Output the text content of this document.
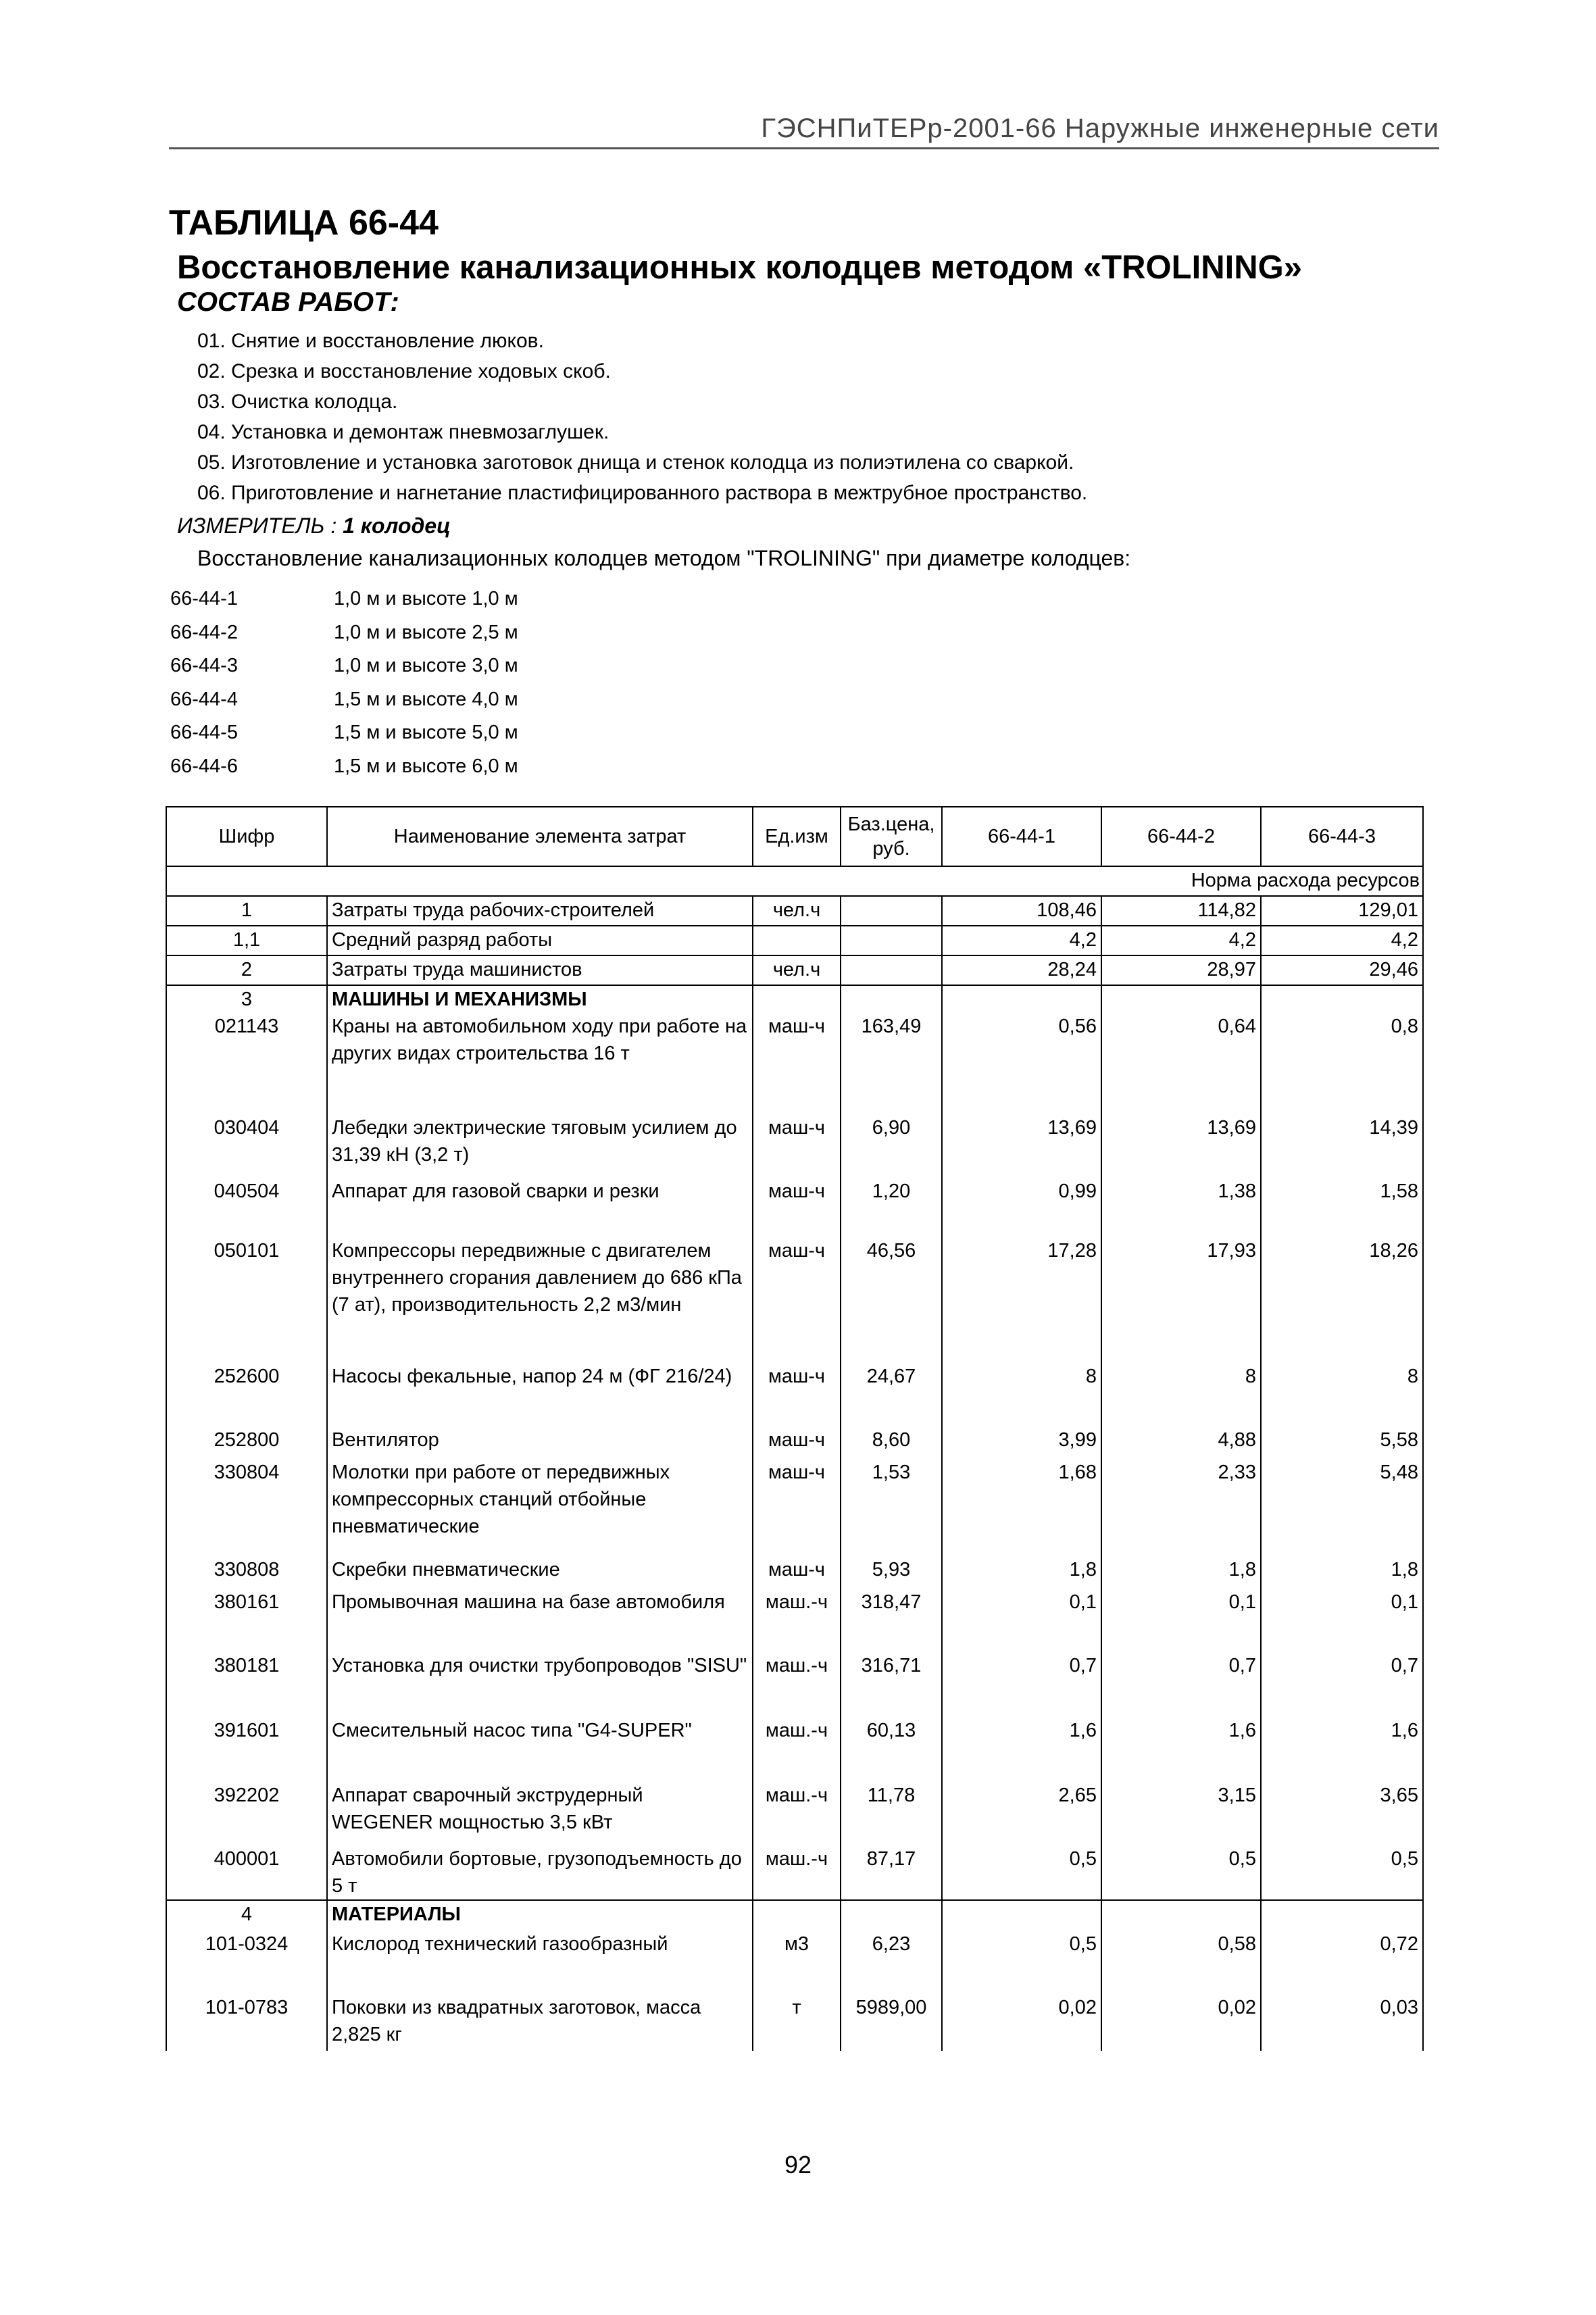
ГЭСНПиТЕРр-2001-66 Наружные инженерные сети
ТАБЛИЦА 66-44
Восстановление канализационных колодцев методом «TROLINING»
СОСТАВ РАБОТ:
01. Снятие и восстановление люков.
02. Срезка и восстановление ходовых скоб.
03. Очистка колодца.
04. Установка и демонтаж пневмозаглушек.
05. Изготовление и установка заготовок днища и стенок колодца из полиэтилена со сваркой.
06. Приготовление и нагнетание пластифицированного раствора в межтрубное пространство.
ИЗМЕРИТЕЛЬ : 1 колодец
Восстановление канализационных колодцев методом "TROLINING" при диаметре колодцев:
66-44-1	1,0 м и высоте 1,0 м
66-44-2	1,0 м и высоте 2,5 м
66-44-3	1,0 м и высоте 3,0 м
66-44-4	1,5 м и высоте 4,0 м
66-44-5	1,5 м и высоте 5,0 м
66-44-6	1,5 м и высоте 6,0 м
Шифр	Наименование элемента затрат	Ед.изм	Баз.цена, руб.	66-44-1	66-44-2	66-44-3
Норма расхода ресурсов						
1	Затраты труда рабочих-строителей	чел.ч		108,46	114,82	129,01
1,1	Средний разряд работы			4,2	4,2	4,2
2	Затраты труда машинистов	чел.ч		28,24	28,97	29,46
3	МАШИНЫ И МЕХАНИЗМЫ					
021143	Краны на автомобильном ходу при работе на других видах строительства 16 т	маш-ч	163,49	0,56	0,64	0,8
030404	Лебедки электрические тяговым усилием до 31,39 кН (3,2 т)	маш-ч	6,90	13,69	13,69	14,39
040504	Аппарат для газовой сварки и резки	маш-ч	1,20	0,99	1,38	1,58
050101	Компрессоры передвижные с двигателем внутреннего сгорания давлением до 686 кПа (7 ат), производительность 2,2 м3/мин	маш-ч	46,56	17,28	17,93	18,26
252600	Насосы фекальные, напор 24 м (ФГ 216/24)	маш-ч	24,67	8	8	8
252800	Вентилятор	маш-ч	8,60	3,99	4,88	5,58
330804	Молотки при работе от передвижных компрессорных станций отбойные пневматические	маш-ч	1,53	1,68	2,33	5,48
330808	Скребки пневматические	маш-ч	5,93	1,8	1,8	1,8
380161	Промывочная машина на базе автомобиля	маш.-ч	318,47	0,1	0,1	0,1
380181	Установка для очистки трубопроводов "SISU"	маш.-ч	316,71	0,7	0,7	0,7
391601	Смесительный насос типа "G4-SUPER"	маш.-ч	60,13	1,6	1,6	1,6
392202	Аппарат сварочный экструдерный WEGENER мощностью 3,5 кВт	маш.-ч	11,78	2,65	3,15	3,65
400001	Автомобили бортовые, грузоподъемность до 5 т	маш.-ч	87,17	0,5	0,5	0,5
4	МАТЕРИАЛЫ					
101-0324	Кислород технический газообразный	м3	6,23	0,5	0,58	0,72
101-0783	Поковки из квадратных заготовок, масса 2,825 кг	т	5989,00	0,02	0,02	0,03
92
